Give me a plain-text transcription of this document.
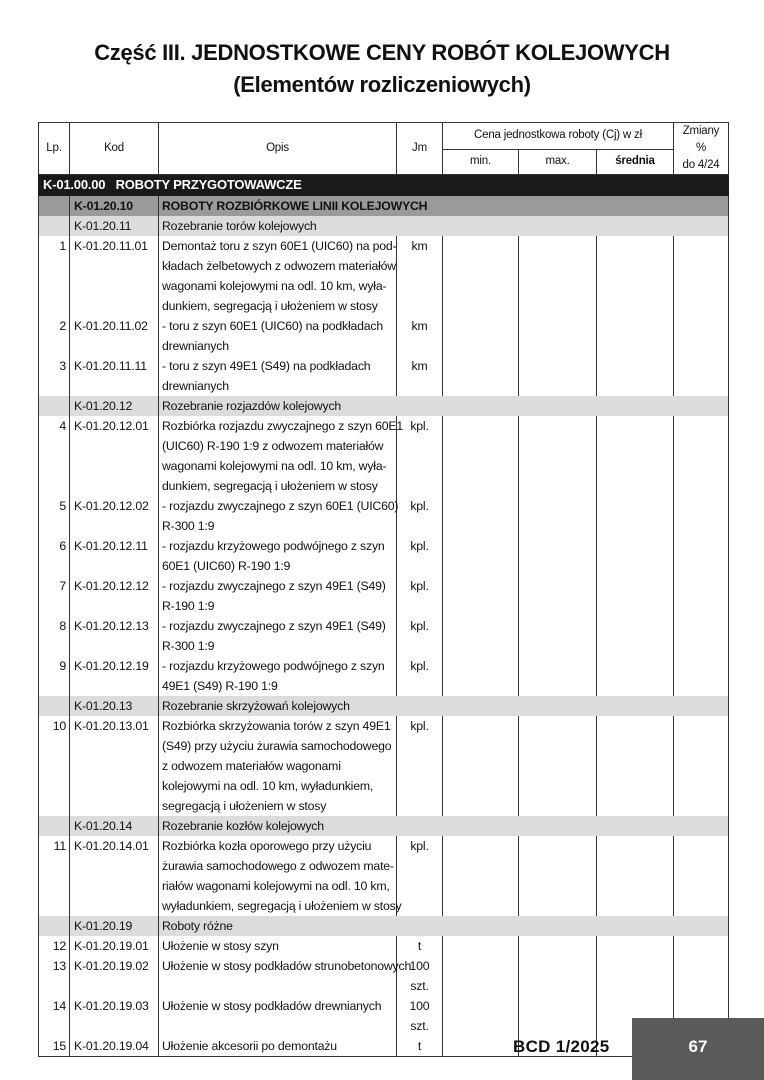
Część III. JEDNOSTKOWE CENY ROBÓT KOLEJOWYCH
(Elementów rozliczeniowych)
Lp.	Kod	Opis	Jm	Cena jednostkowa roboty (Cj) w zł			Zmiany %
do 4/24
				min.	max.	średnia	
K-01.00.00 ROBOTY PRZYGOTOWAWCZE							
	K-01.20.10	ROBOTY ROZBIÓRKOWE LINII KOLEJOWYCH					
	K-01.20.11	Rozebranie torów kolejowych					
1	K-01.20.11.01	Demontaż toru z szyn 60E1 (UIC60) na pod-
kładach żelbetowych z odwozem materiałów
wagonami kolejowymi na odl. 10 km, wyła-
dunkiem, segregacją i ułożeniem w stosy	km				
2	K-01.20.11.02	- toru z szyn 60E1 (UIC60) na podkładach
drewnianych	km				
3	K-01.20.11.11	- toru z szyn 49E1 (S49) na podkładach
drewnianych	km				
	K-01.20.12	Rozebranie rozjazdów kolejowych					
4	K-01.20.12.01	Rozbiórka rozjazdu zwyczajnego z szyn 60E1
(UIC60) R-190 1:9 z odwozem materiałów
wagonami kolejowymi na odl. 10 km, wyła-
dunkiem, segregacją i ułożeniem w stosy	kpl.				
5	K-01.20.12.02	- rozjazdu zwyczajnego z szyn 60E1 (UIC60)
R-300 1:9	kpl.				
6	K-01.20.12.11	- rozjazdu krzyżowego podwójnego z szyn
60E1 (UIC60) R-190 1:9	kpl.				
7	K-01.20.12.12	- rozjazdu zwyczajnego z szyn 49E1 (S49)
R-190 1:9	kpl.				
8	K-01.20.12.13	- rozjazdu zwyczajnego z szyn 49E1 (S49)
R-300 1:9	kpl.				
9	K-01.20.12.19	- rozjazdu krzyżowego podwójnego z szyn
49E1 (S49) R-190 1:9	kpl.				
	K-01.20.13	Rozebranie skrzyżowań kolejowych					
10	K-01.20.13.01	Rozbiórka skrzyżowania torów z szyn 49E1
(S49) przy użyciu żurawia samochodowego
z odwozem materiałów wagonami
kolejowymi na odl. 10 km, wyładunkiem,
segregacją i ułożeniem w stosy	kpl.				
	K-01.20.14	Rozebranie kozłów kolejowych					
11	K-01.20.14.01	Rozbiórka kozła oporowego przy użyciu
żurawia samochodowego z odwozem mate-
riałów wagonami kolejowymi na odl. 10 km,
wyładunkiem, segregacją i ułożeniem w stosy	kpl.				
	K-01.20.19	Roboty różne					
12	K-01.20.19.01	Ułożenie w stosy szyn	t				
13	K-01.20.19.02	Ułożenie w stosy podkładów strunobetonowych	100 szt.				
14	K-01.20.19.03	Ułożenie w stosy podkładów drewnianych	100 szt.				
15	K-01.20.19.04	Ułożenie akcesorii po demontażu	t					BCD 1/2025	67
